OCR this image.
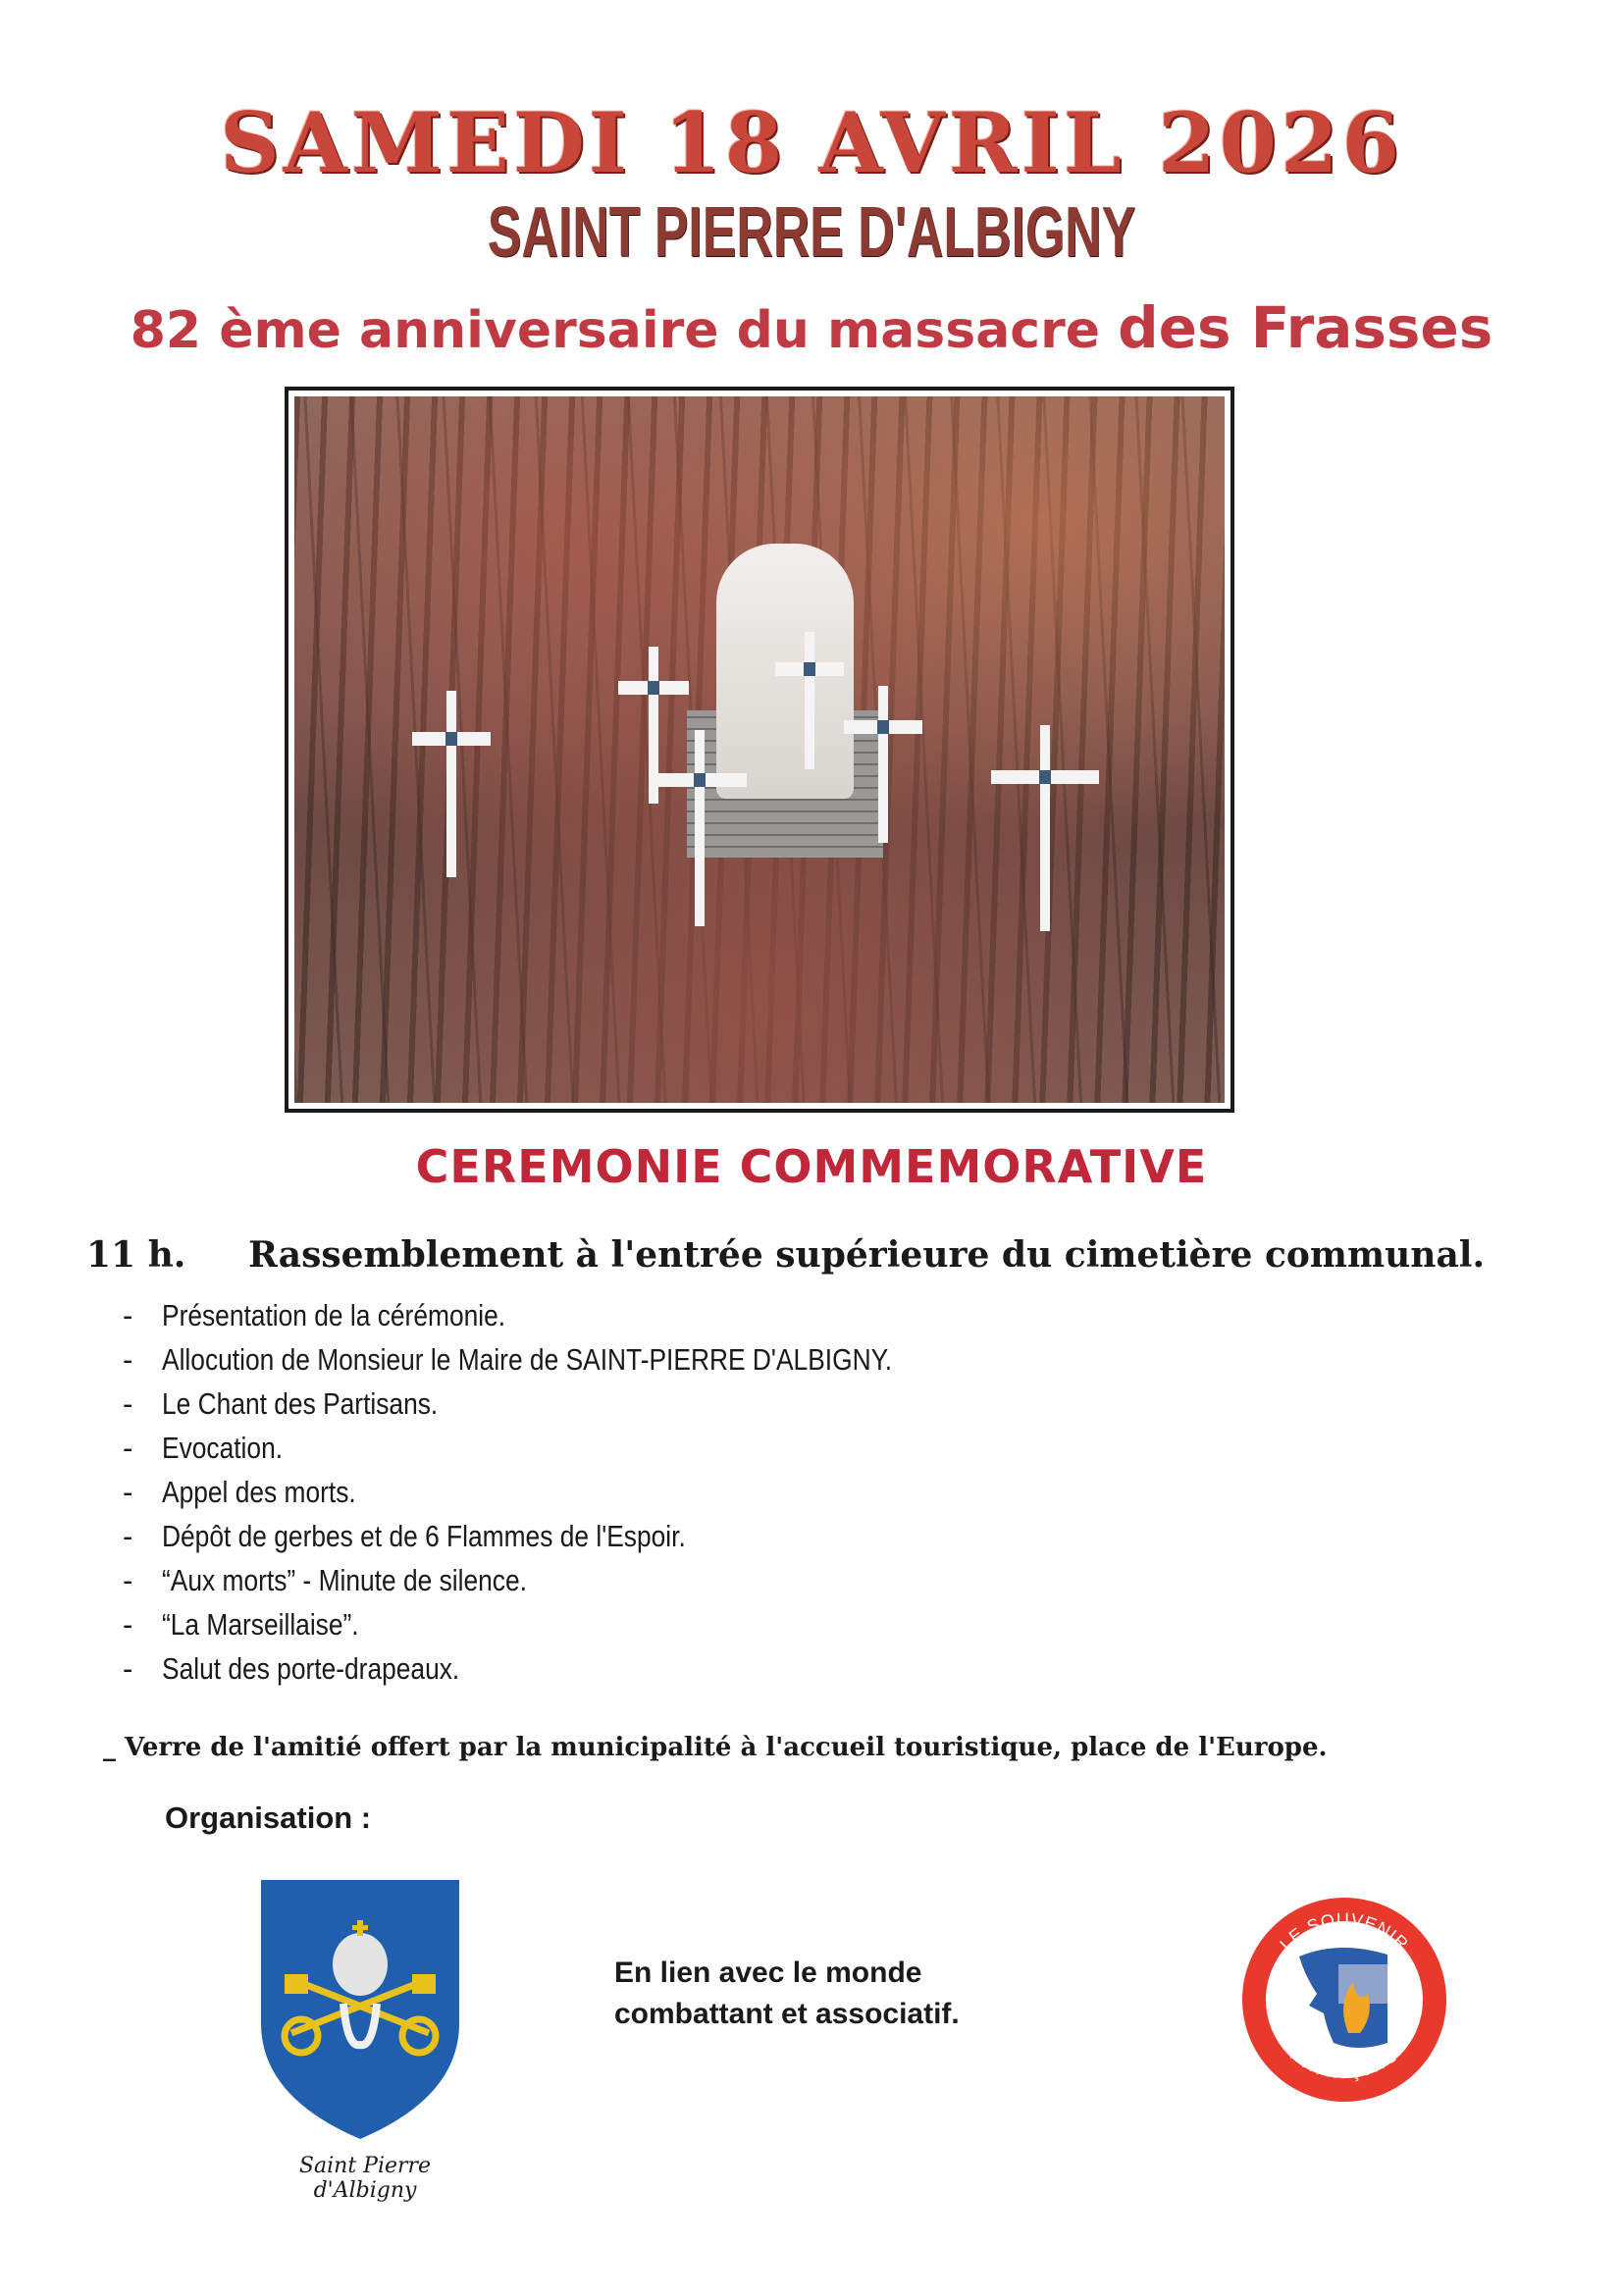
SAMEDI 18 AVRIL 2026
SAINT PIERRE D'ALBIGNY
82 ème anniversaire du massacre des Frasses
CEREMONIE COMMEMORATIVE
11 h. Rassemblement à l'entrée supérieure du cimetière communal.
- Présentation de la cérémonie.
- Allocution de Monsieur le Maire de SAINT-PIERRE D'ALBIGNY.
- Le Chant des Partisans.
- Evocation.
- Appel des morts.
- Dépôt de gerbes et de 6 Flammes de l'Espoir.
- “Aux morts” - Minute de silence.
- “La Marseillaise”.
- Salut des porte-drapeaux.
_ Verre de l'amitié offert par la municipalité à l'accueil touristique, place de l'Europe.
Organisation :
Saint Pierre d'Albigny
En lien avec le monde
combattant et associatif.
LE SOUVENIR
FRANÇAIS
